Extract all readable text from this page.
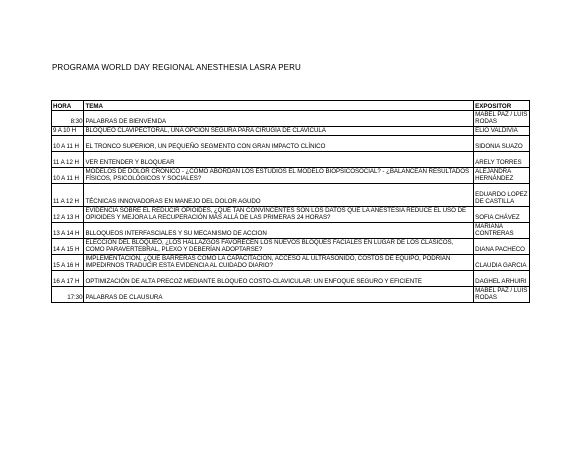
PROGRAMA WORLD DAY REGIONAL ANESTHESIA LASRA PERU
HORA	TEMA	EXPOSITOR
8:30	PALABRAS DE BIENVENIDA	MABEL PAZ / LUIS RODAS
9 A 10 H	BLOQUEO CLAVIPECTORAL, UNA OPCIÓN SEGURA PARA CIRUGÍA DE CLAVÍCULA	ELIO VALDIVIA
10 A 11 H	EL TRONCO SUPERIOR, UN PEQUEÑO SEGMENTO CON GRAN IMPACTO CLÍNICO	SIDONIA SUAZO
11 A 12 H	VER ENTENDER Y BLOQUEAR	ARELY TORRES
10 A 11 H	MODELOS DE DOLOR CRÓNICO - ¿CÓMO ABORDAN LOS ESTUDIOS EL MODELO BIOPSICOSOCIAL? - ¿BALANCEAN RESULTADOS FÍSICOS, PSICOLÓGICOS Y SOCIALES?	ALEJANDRA HERNÁNDEZ
11 A 12 H	TÉCNICAS INNOVADORAS EN MANEJO DEL DOLOR AGUDO	EDUARDO LOPEZ DE CASTILLA
12 A 13 H	EVIDENCIA SOBRE EL REDUCIR OPIOIDES, ¿QUÉ TAN CONVINCENTES SON LOS DATOS QUE LA ANESTESIA REDUCE EL USO DE OPIOIDES Y MEJORA LA RECUPERACIÓN MÁS ALLÁ DE LAS PRIMERAS 24 HORAS?	SOFIA CHÁVEZ
13 A 14 H	BLLOQUEOS INTERFASCIALES Y SU MECANISMO DE ACCION	MARIANA CONTRERAS
14 A 15 H	ELECCIÓN DEL BLOQUEO, ¿LOS HALLAZGOS FAVORECEN LOS NUEVOS BLOQUES FACIALES EN LUGAR DE LOS CLÁSICOS, COMO PARAVERTEBRAL, PLEXO Y DEBERÍAN ADOPTARSE?	DIANA PACHECO
15 A 16 H	IMPLEMENTACIÓN, ¿QUÉ BARRERAS COMO LA CAPACITACIÓN, ACCESO AL ULTRASONIDO, COSTOS DE EQUIPO, PODRÍAN IMPEDIRNOS TRADUCIR ESTA EVIDENCIA AL CUIDADO DIARIO?	CLAUDIA GARCIA
16 A 17 H	OPTIMIZACIÓN DE ALTA PRECOZ MEDIANTE BLOQUEO COSTO-CLAVICULAR: UN ENFOQUE SEGURO Y EFICIENTE	DAGHEL ARHUIRI
17:30	PALABRAS DE CLAUSURA	MABEL PAZ / LUIS RODAS
